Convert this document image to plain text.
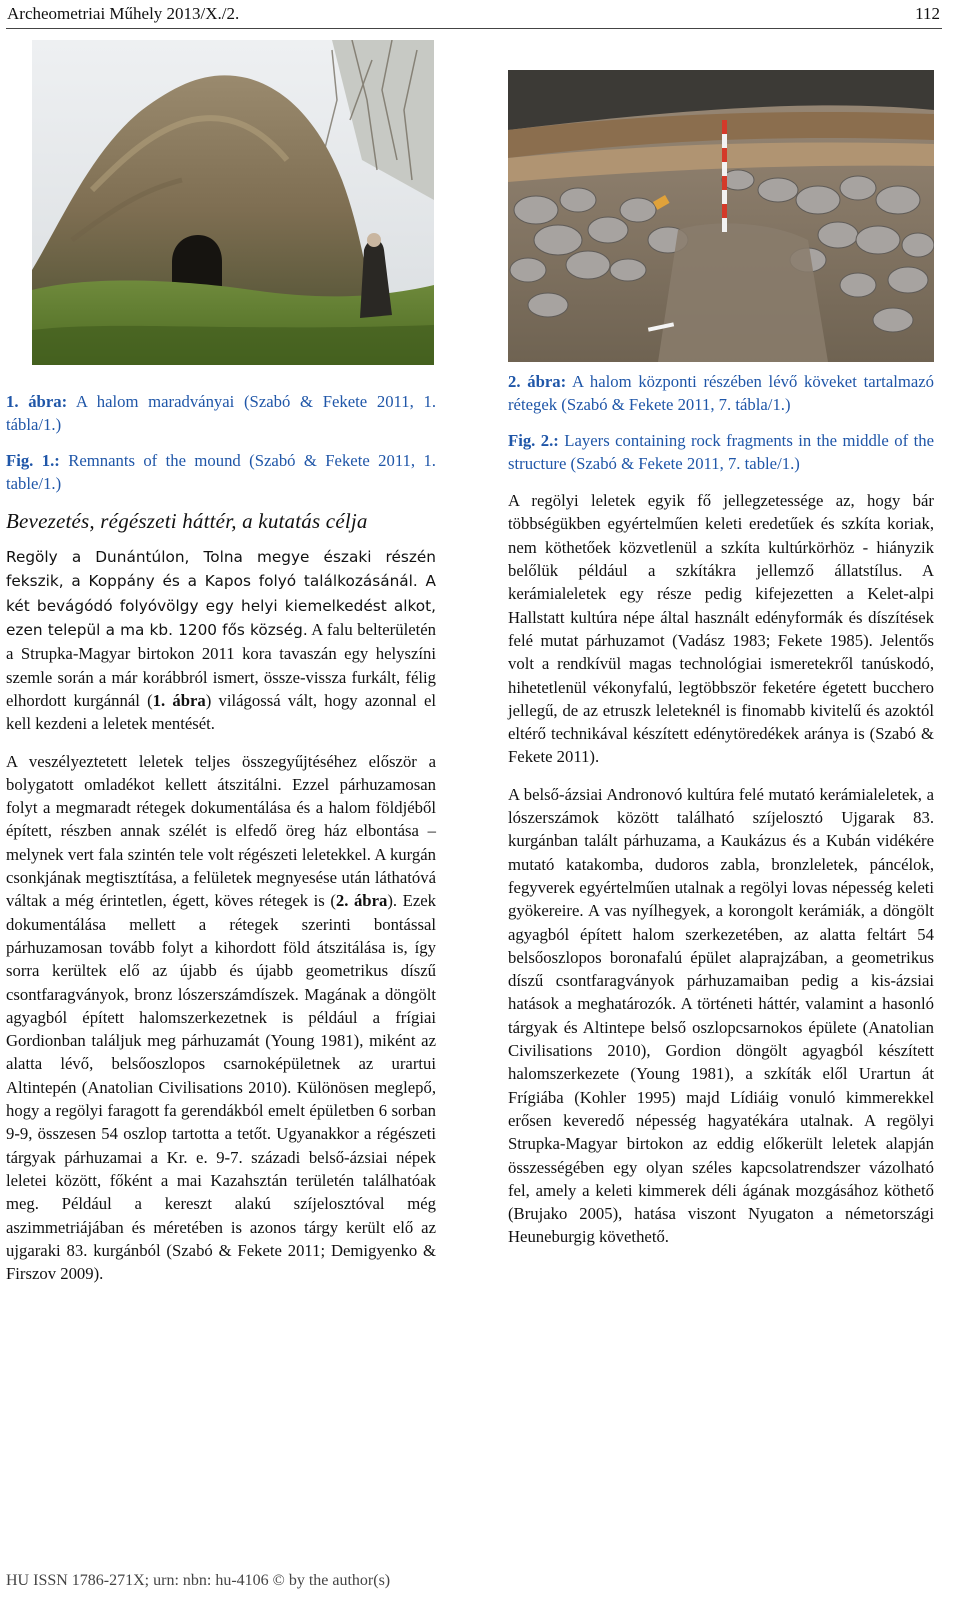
Archeometriai Műhely 2013/X./2.	112

1. ábra: A halom maradványai (Szabó & Fekete 2011, 1. tábla/1.)

Fig. 1.: Remnants of the mound (Szabó & Fekete 2011, 1. table/1.)

Bevezetés, régészeti háttér, a kutatás célja

Regöly a Dunántúlon, Tolna megye északi részén fekszik, a Koppány és a Kapos folyó találkozásánál. A két bevágódó folyóvölgy egy helyi kiemelkedést alkot, ezen települ a ma kb. 1200 fős község. A falu belterületén a Strupka-Magyar birtokon 2011 kora tavaszán egy helyszíni szemle során a már korábbról ismert, össze-vissza furkált, félig elhordott kurgánnál (1. ábra) világossá vált, hogy azonnal el kell kezdeni a leletek mentését.

A veszélyeztetett leletek teljes összegyűjtéséhez először a bolygatott omladékot kellett átszitálni. Ezzel párhuzamosan folyt a megmaradt rétegek dokumentálása és a halom földjéből épített, részben annak szélét is elfedő öreg ház elbontása – melynek vert fala szintén tele volt régészeti leletekkel. A kurgán csonkjának megtisztítása, a felületek megnyesése után láthatóvá váltak a még érintetlen, égett, köves rétegek is (2. ábra). Ezek dokumentálása mellett a rétegek szerinti bontással párhuzamosan tovább folyt a kihordott föld átszitálása is, így sorra kerültek elő az újabb és újabb geometrikus díszű csontfaragványok, bronz lószerszámdíszek. Magának a döngölt agyagból épített halomszerkezetnek is például a frígiai Gordionban találjuk meg párhuzamát (Young 1981), miként az alatta lévő, belsőoszlopos csarnoképületnek az urartui Altintepén (Anatolian Civilisations 2010). Különösen meglepő, hogy a regölyi faragott fa gerendákból emelt épületben 6 sorban 9-9, összesen 54 oszlop tartotta a tetőt. Ugyanakkor a régészeti tárgyak párhuzamai a Kr. e. 9-7. századi belső-ázsiai népek leletei között, főként a mai Kazahsztán területén találhatóak meg. Például a kereszt alakú szíjelosztóval még aszimmetriájában és méretében is azonos tárgy került elő az ujgaraki 83. kurgánból (Szabó & Fekete 2011; Demigyenko & Firszov 2009).

2. ábra: A halom központi részében lévő köveket tartalmazó rétegek (Szabó & Fekete 2011, 7. tábla/1.)

Fig. 2.: Layers containing rock fragments in the middle of the structure (Szabó & Fekete 2011, 7. table/1.)

A regölyi leletek egyik fő jellegzetessége az, hogy bár többségükben egyértelműen keleti eredetűek és szkíta koriak, nem köthetőek közvetlenül a szkíta kultúrkörhöz - hiányzik belőlük például a szkítákra jellemző állatstílus. A kerámialeletek egy része pedig kifejezetten a Kelet-alpi Hallstatt kultúra népe által használt edényformák és díszítések felé mutat párhuzamot (Vadász 1983; Fekete 1985). Jelentős volt a rendkívül magas technológiai ismeretekről tanúskodó, hihetetlenül vékonyfalú, legtöbbször feketére égetett bucchero jellegű, de az etruszk leleteknél is finomabb kivitelű és azoktól eltérő technikával készített edénytöredékek aránya is (Szabó & Fekete 2011).

A belső-ázsiai Andronovó kultúra felé mutató kerámialeletek, a lószerszámok között található szíjelosztó Ujgarak 83. kurgánban talált párhuzama, a Kaukázus és a Kubán vidékére mutató katakomba, dudoros zabla, bronzleletek, páncélok, fegyverek egyértelműen utalnak a regölyi lovas népesség keleti gyökereire. A vas nyílhegyek, a korongolt kerámiák, a döngölt agyagból épített halom szerkezetében, az alatta feltárt 54 belsőoszlopos boronafalú épület alaprajzában, a geometrikus díszű csontfaragványok párhuzamaiban pedig a kis-ázsiai hatások a meghatározók. A történeti háttér, valamint a hasonló tárgyak és Altintepe belső oszlopcsarnokos épülete (Anatolian Civilisations 2010), Gordion döngölt agyagból készített halomszerkezete (Young 1981), a szkíták elől Urartun át Frígiába (Kohler 1995) majd Lídiáig vonuló kimmerekkel erősen keveredő népesség hagyatékára utalnak. A regölyi Strupka-Magyar birtokon az eddig előkerült leletek alapján összességében egy olyan széles kapcsolatrendszer vázolható fel, amely a keleti kimmerek déli ágának mozgásához köthető (Brujako 2005), hatása viszont Nyugaton a németországi Heuneburgig követhető.

HU ISSN 1786-271X; urn: nbn: hu-4106 © by the author(s)
